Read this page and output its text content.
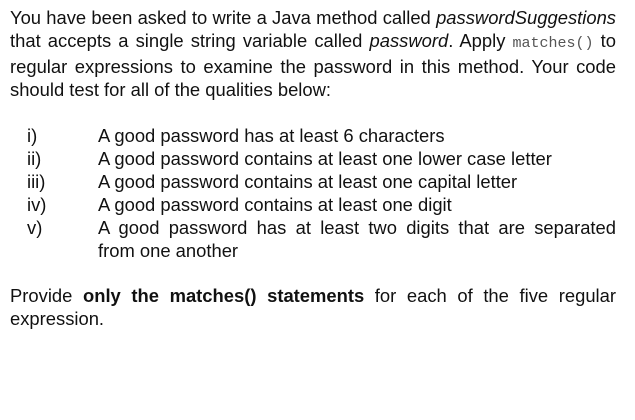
You have been asked to write a Java method called passwordSuggestions that accepts a single string variable called password. Apply matches() to regular expressions to examine the password in this method. Your code should test for all of the qualities below:

i)	A good password has at least 6 characters
ii)	A good password contains at least one lower case letter
iii)	A good password contains at least one capital letter
iv)	A good password contains at least one digit
v)	A good password has at least two digits that are separated from one another

Provide only the matches() statements for each of the five regular expression.
